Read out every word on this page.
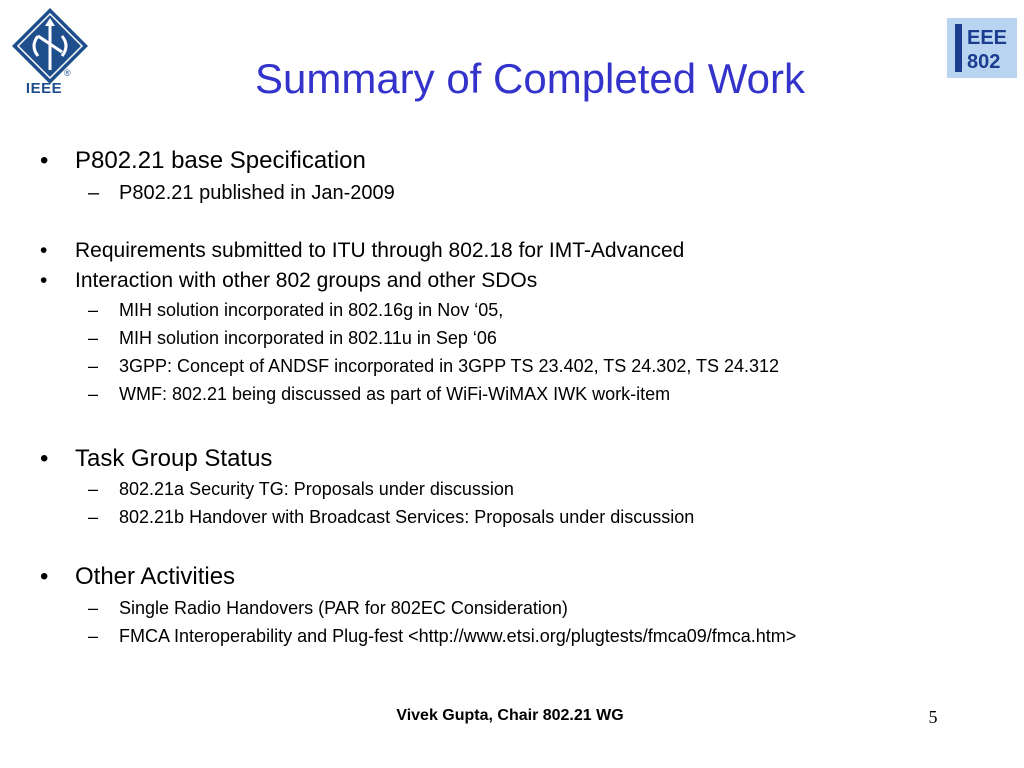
®
IEEE
EEE
802
Summary of Completed Work
• P802.21 base Specification
– P802.21 published in Jan-2009
• Requirements submitted to ITU through 802.18 for IMT-Advanced
• Interaction with other 802 groups and other SDOs
– MIH solution incorporated in 802.16g in Nov ‘05,
– MIH solution incorporated in 802.11u in Sep ‘06
– 3GPP: Concept of ANDSF incorporated in 3GPP TS 23.402, TS 24.302, TS 24.312
– WMF: 802.21 being discussed as part of WiFi-WiMAX IWK work-item
• Task Group Status
– 802.21a Security TG: Proposals under discussion
– 802.21b Handover with Broadcast Services: Proposals under discussion
• Other Activities
– Single Radio Handovers (PAR for 802EC Consideration)
– FMCA Interoperability and Plug-fest <http://www.etsi.org/plugtests/fmca09/fmca.htm>
Vivek Gupta, Chair 802.21 WG	5
